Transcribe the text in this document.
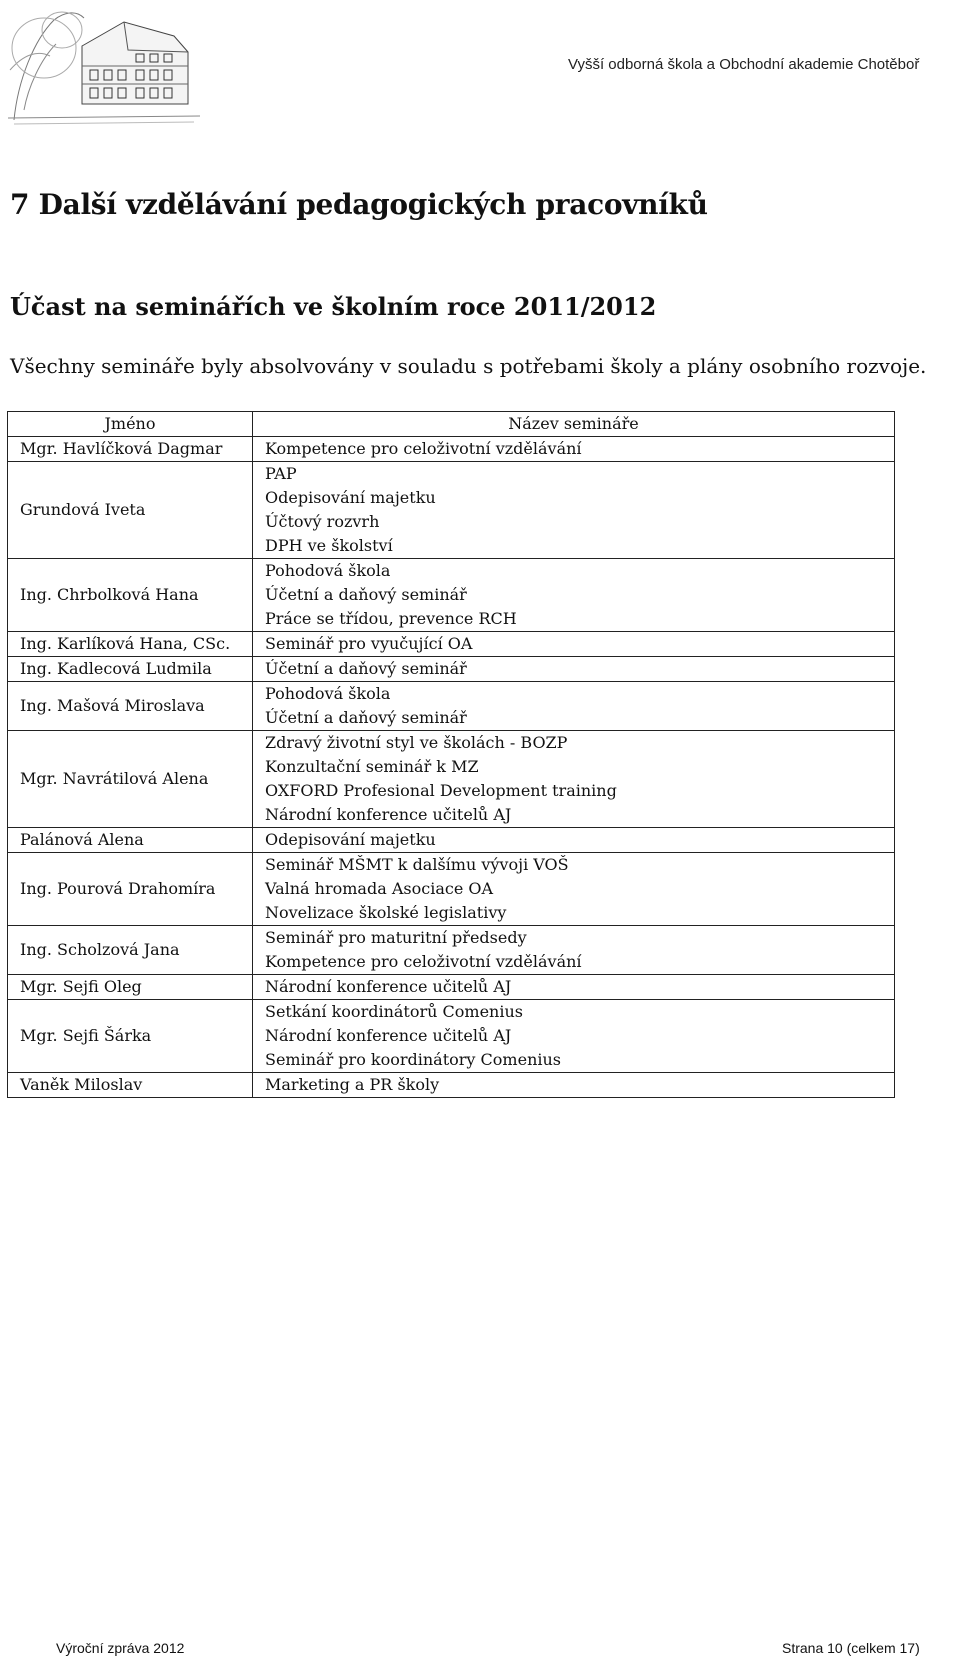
Vyšší odborná škola a Obchodní akademie Chotěboř
7 Další vzdělávání pedagogických pracovníků
Účast na seminářích ve školním roce 2011/2012
Všechny semináře byly absolvovány v souladu s potřebami školy a plány osobního rozvoje.
Jméno	Název semináře
Mgr. Havlíčková Dagmar	Kompetence pro celoživotní vzdělávání

Grundová Iveta	PAP
Odepisování majetku
Účtový rozvrh
DPH ve školství

Ing. Chrbolková Hana	Pohodová škola
Účetní a daňový seminář
Práce se třídou, prevence RCH

Ing. Karlíková Hana, CSc.	Seminář pro vyučující OA

Ing. Kadlecová Ludmila	Účetní a daňový seminář

Ing. Mašová Miroslava	Pohodová škola
Účetní a daňový seminář

Mgr. Navrátilová Alena	Zdravý životní styl ve školách - BOZP
Konzultační seminář k MZ
OXFORD Profesional Development training
Národní konference učitelů AJ

Palánová Alena	Odepisování majetku

Ing. Pourová Drahomíra	Seminář MŠMT k dalšímu vývoji VOŠ
Valná hromada Asociace OA
Novelizace školské legislativy

Ing. Scholzová Jana	Seminář pro maturitní předsedy
Kompetence pro celoživotní vzdělávání

Mgr. Sejfi Oleg	Národní konference učitelů AJ

Mgr. Sejfi Šárka	Setkání koordinátorů Comenius
Národní konference učitelů AJ
Seminář pro koordinátory Comenius

Vaněk Miloslav	Marketing a PR školy
Výroční zpráva 2012	Strana 10 (celkem 17)
